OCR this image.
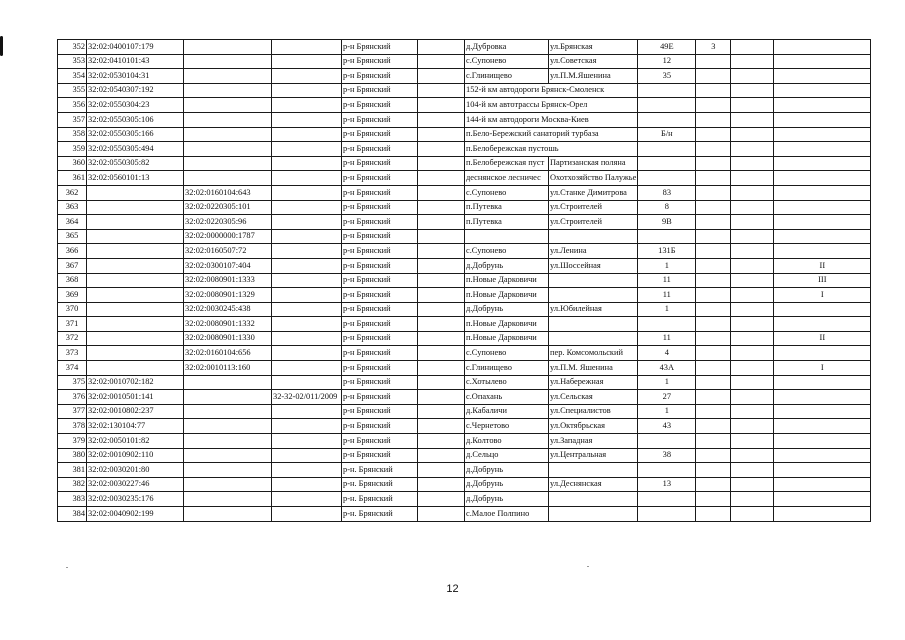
352	32:02:0400107:179			р-н Брянский		д.Дубровка	ул.Брянская	49Е	3		
353	32:02:0410101:43			р-н Брянский		с.Супонево	ул.Советская	12			
354	32:02:0530104:31			р-н Брянский		с.Глинищево	ул.П.М.Яшенина	35			
355	32:02:0540307:192			р-н Брянский		152-й км автодороги Брянск-Смоленск					
356	32:02:0550304:23			р-н Брянский		104-й км автотрассы Брянск-Орел					
357	32:02:0550305:106			р-н Брянский		144-й км автодороги Москва-Киев					
358	32:02:0550305:166			р-н Брянский		п.Бело-Бережский санаторий турбаза		Б/н			
359	32:02:0550305:494			р-н Брянский		п.Белобережская пустошь					
360	32:02:0550305:82			р-н Брянский		п.Белобережская пуст	Партизанская поляна				
361	32:02:0560101:13			р-н Брянский		деснянское лесничес	Охотхозяйство Палужье				
362		32:02:0160104:643		р-н Брянский		с.Супонево	ул.Станке Димитрова	83			
363		32:02:0220305:101		р-н Брянский		п.Путевка	ул.Строителей	8			
364		32:02:0220305:96		р-н Брянский		п.Путевка	ул.Строителей	9В			
365		32:02:0000000:1787		р-н Брянский							
366		32:02:0160507:72		р-н Брянский		с.Супонево	ул.Ленина	131Б			
367		32:02:0300107:404		р-н Брянский		д.Добрунь	ул.Шоссейная	1			II
368		32:02:0080901:1333		р-н Брянский		п.Новые Дарковичи		11			III
369		32:02:0080901:1329		р-н Брянский		п.Новые Дарковичи		11			I
370		32:02:0030245:438		р-н Брянский		д.Добрунь	ул.Юбилейная	1			
371		32:02:0080901:1332		р-н Брянский		п.Новые Дарковичи					
372		32:02:0080901:1330		р-н Брянский		п.Новые Дарковичи		11			II
373		32:02:0160104:656		р-н Брянский		с.Супонево	пер. Комсомольский	4			
374		32:02:0010113:160		р-н Брянский		с.Глинищево	ул.П.М. Яшенина	43А			I
375	32:02:0010702:182			р-н Брянский		с.Хотылево	ул.Набережная	1			
376	32:02:0010501:141		32-32-02/011/2009	р-н Брянский		с.Опахань	ул.Сельская	27			
377	32:02:0010802:237			р-н Брянский		д.Кабаличи	ул.Специалистов	1			
378	32:02:130104:77			р-н Брянский		с.Чернетово	ул.Октябрьская	43			
379	32:02:0050101:82			р-н Брянский		д.Колтово	ул.Западная				
380	32:02:0010902:110			р-н Брянский		д.Сельцо	ул.Центральная	38			
381	32:02:0030201:80			р-н. Брянский		д.Добрунь					
382	32:02:0030227:46			р-н. Брянский		д.Добрунь	ул.Деснянская	13			
383	32:02:0030235:176			р-н. Брянский		д.Добрунь					
384	32:02:0040902:199			р-н. Брянский		с.Малое Полпино					
12
